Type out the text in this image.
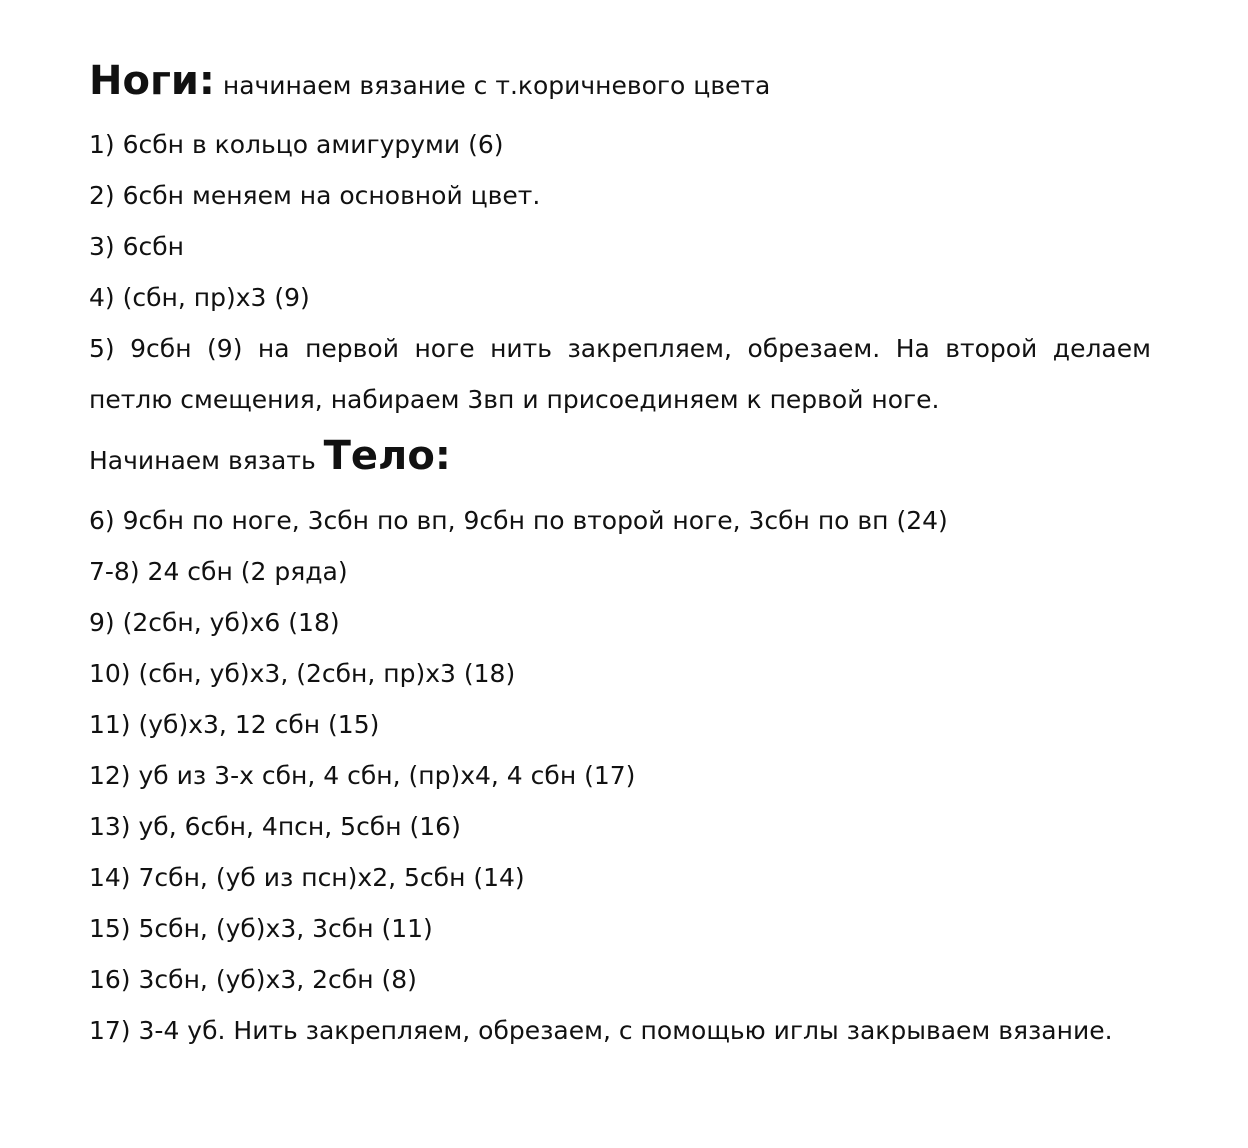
Ноги: начинаем вязание с т.коричневого цвета

1) 6сбн в кольцо амигуруми (6)

2) 6сбн меняем на основной цвет.

3) 6сбн

4) (сбн, пр)х3 (9)

5) 9сбн (9) на первой ноге нить закрепляем, обрезаем. На второй делаем петлю смещения, набираем 3вп и присоединяем к первой ноге.

Начинаем вязать Тело:

6) 9сбн по ноге, 3сбн по вп, 9сбн по второй ноге, 3сбн по вп (24)

7-8) 24 сбн (2 ряда)

9) (2сбн, уб)х6 (18)

10) (сбн, уб)х3, (2сбн, пр)х3 (18)

11) (уб)х3, 12 сбн (15)

12) уб из 3-х сбн, 4 сбн, (пр)х4, 4 сбн (17)

13) уб, 6сбн, 4псн, 5сбн (16)

14) 7сбн, (уб из псн)х2, 5сбн (14)

15) 5сбн, (уб)х3, 3сбн (11)

16) 3сбн, (уб)х3, 2сбн (8)

17) 3-4 уб. Нить закрепляем, обрезаем, с помощью иглы закрываем вязание.
